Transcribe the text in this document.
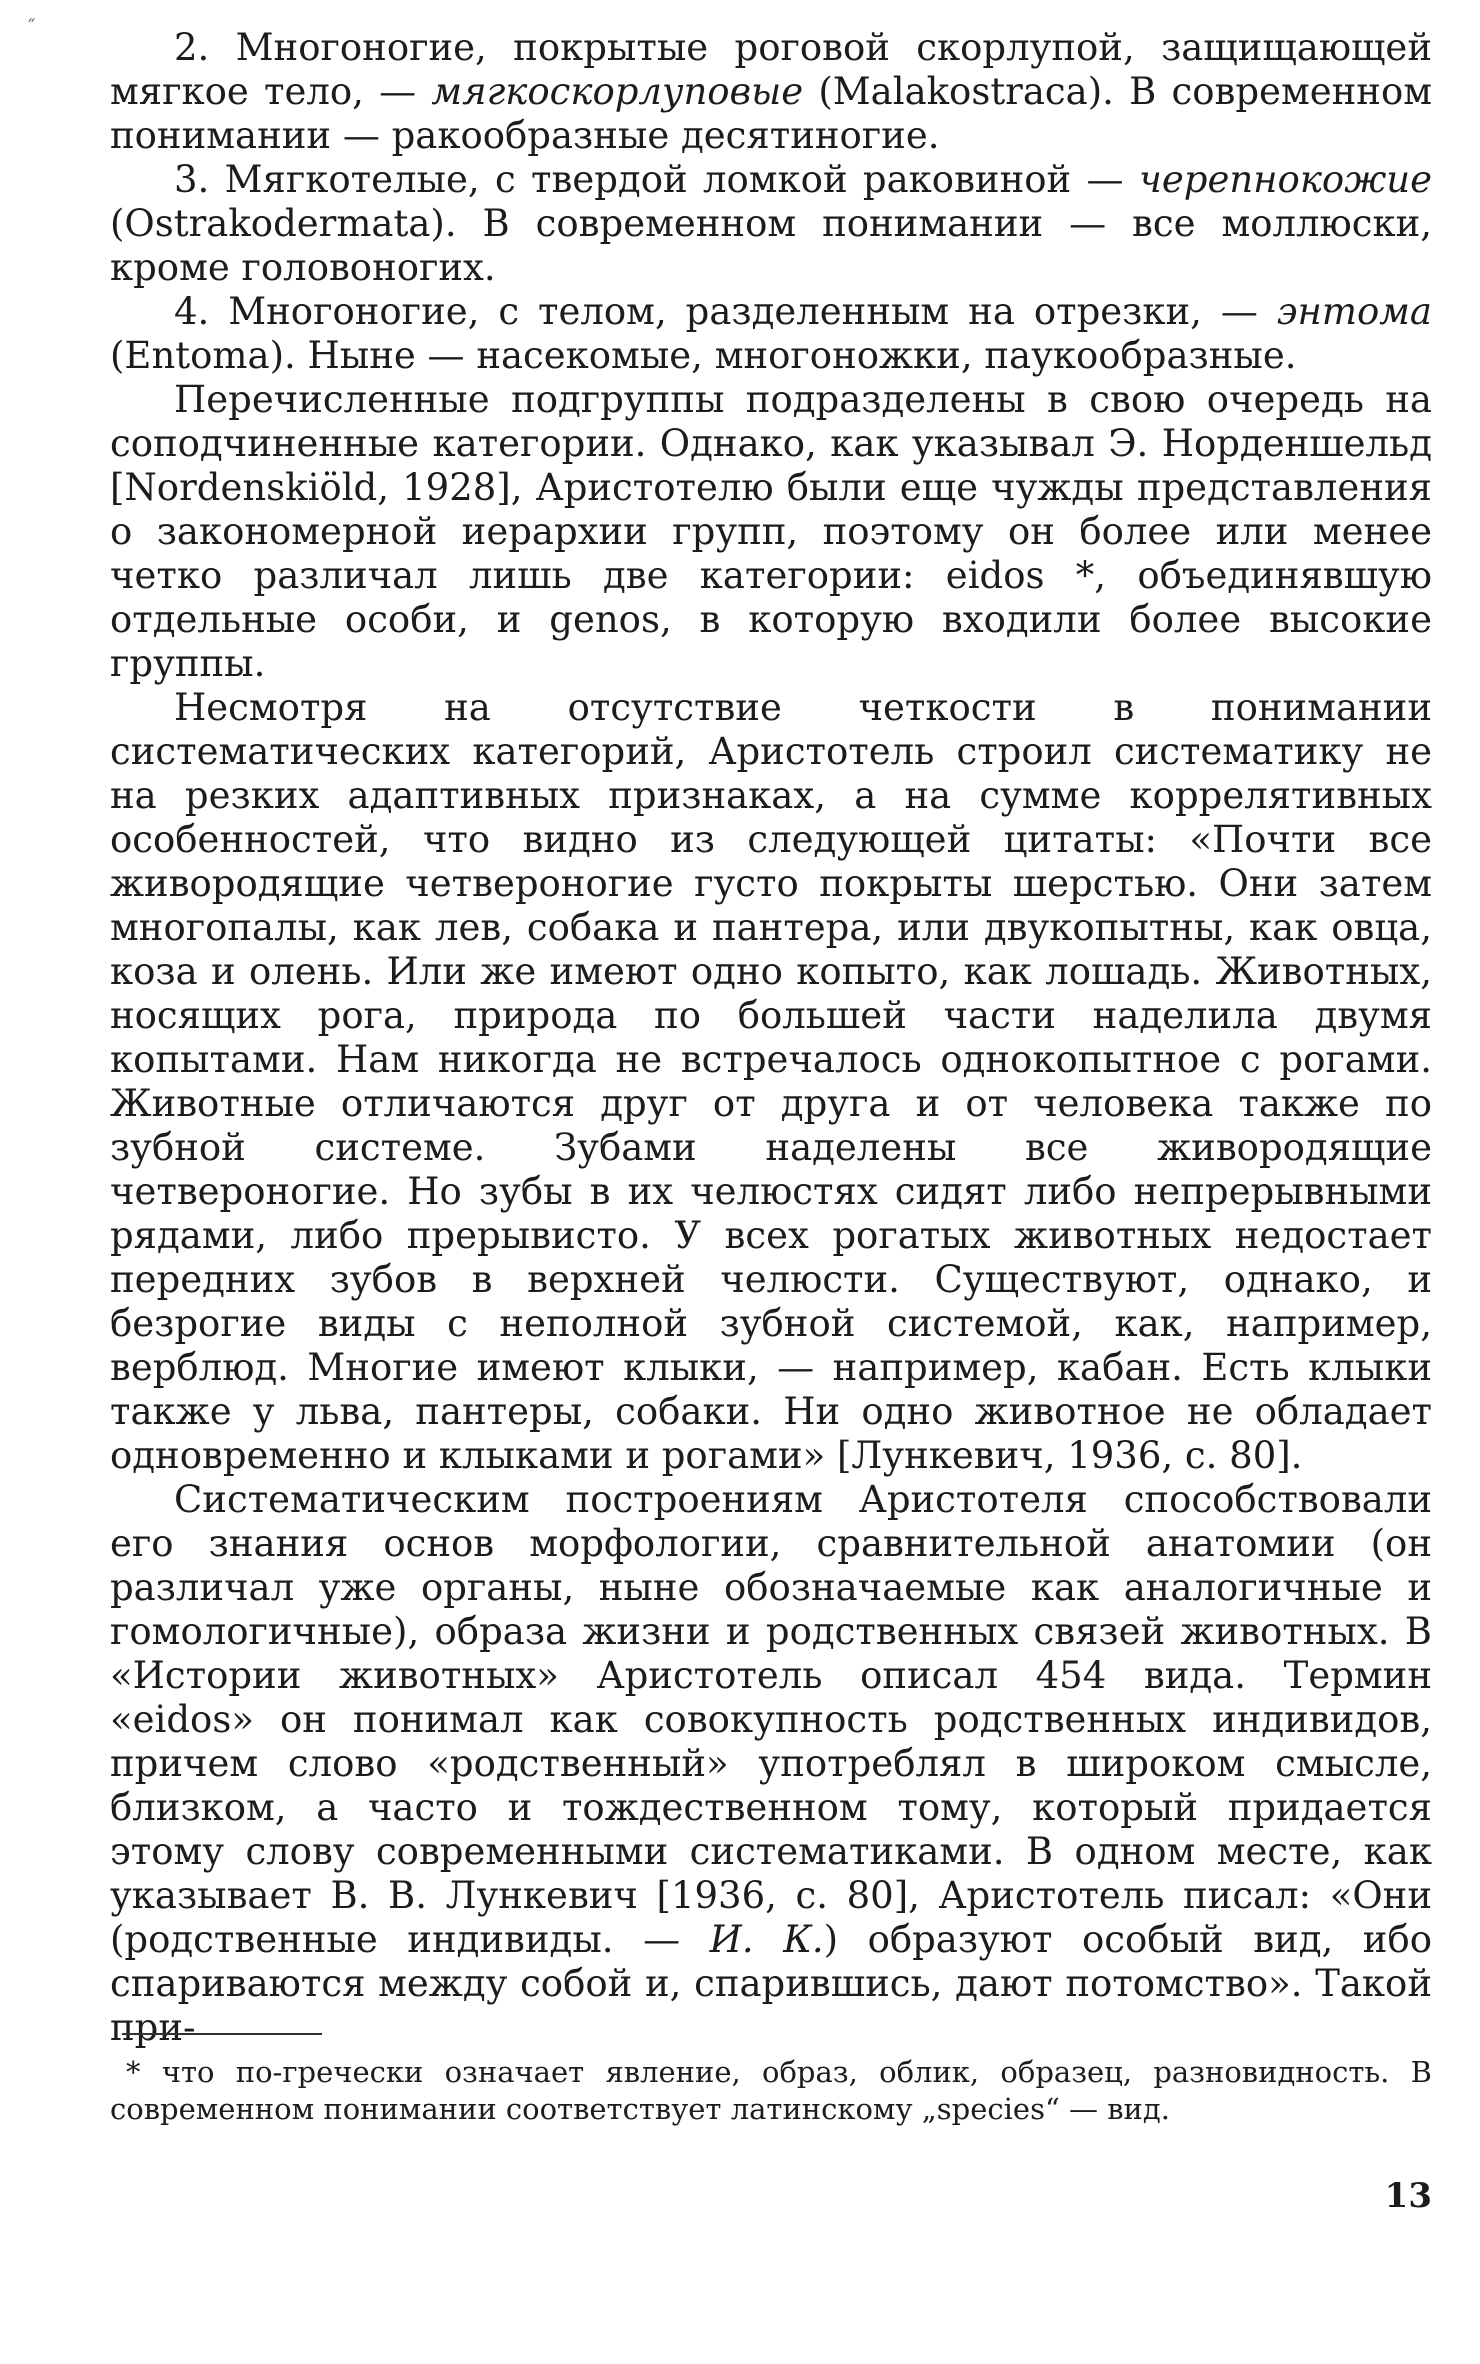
″	2. Многоногие, покрытые роговой скорлупой, защищающей мягкое тело, — мягкоскорлуповые (Malakostraca). В современном понимании — ракообразные десятиногие.

3. Мягкотелые, с твердой ломкой раковиной — черепнокожие (Ostrakodermata). В современном понимании — все моллюски, кроме головоногих.

4. Многоногие, с телом, разделенным на отрезки, — энтома (Entoma). Ныне — насекомые, многоножки, паукообразные.

Перечисленные подгруппы подразделены в свою очередь на соподчиненные категории. Однако, как указывал Э. Норденшельд [Nordenskiöld, 1928], Аристотелю были еще чужды представления о закономерной иерархии групп, поэтому он более или менее четко различал лишь две категории: eidos *, объединявшую отдельные особи, и genos, в которую входили более высокие группы.

Несмотря на отсутствие четкости в понимании систематических категорий, Аристотель строил систематику не на резких адаптивных признаках, а на сумме коррелятивных особенностей, что видно из следующей цитаты: «Почти все живородящие четвероногие густо покрыты шерстью. Они затем многопалы, как лев, собака и пантера, или двукопытны, как овца, коза и олень. Или же имеют одно копыто, как лошадь. Животных, носящих рога, природа по большей части наделила двумя копытами. Нам никогда не встречалось однокопытное с рогами. Животные отличаются друг от друга и от человека также по зубной системе. Зубами наделены все живородящие четвероногие. Но зубы в их челюстях сидят либо непрерывными рядами, либо прерывисто. У всех рогатых животных недостает передних зубов в верхней челюсти. Существуют, однако, и безрогие виды с неполной зубной системой, как, например, верблюд. Многие имеют клыки, — например, кабан. Есть клыки также у льва, пантеры, собаки. Ни одно животное не обладает одновременно и клыками и рогами» [Лункевич, 1936, с. 80].

Систематическим построениям Аристотеля способствовали его знания основ морфологии, сравнительной анатомии (он различал уже органы, ныне обозначаемые как аналогичные и гомологичные), образа жизни и родственных связей животных. В «Истории животных» Аристотель описал 454 вида. Термин «eidos» он понимал как совокупность родственных индивидов, причем слово «родственный» употреблял в широком смысле, близком, а часто и тождественном тому, который придается этому слову современными систематиками. В одном месте, как указывает В. В. Лункевич [1936, с. 80], Аристотель писал: «Они (родственные индивиды. — И. К.) образуют особый вид, ибо спариваются между собой и, спарившись, дают потомство». Такой при-

* что по-гречески означает явление, образ, облик, образец, разновидность. В современном понимании соответствует латинскому „species“ — вид.

13
